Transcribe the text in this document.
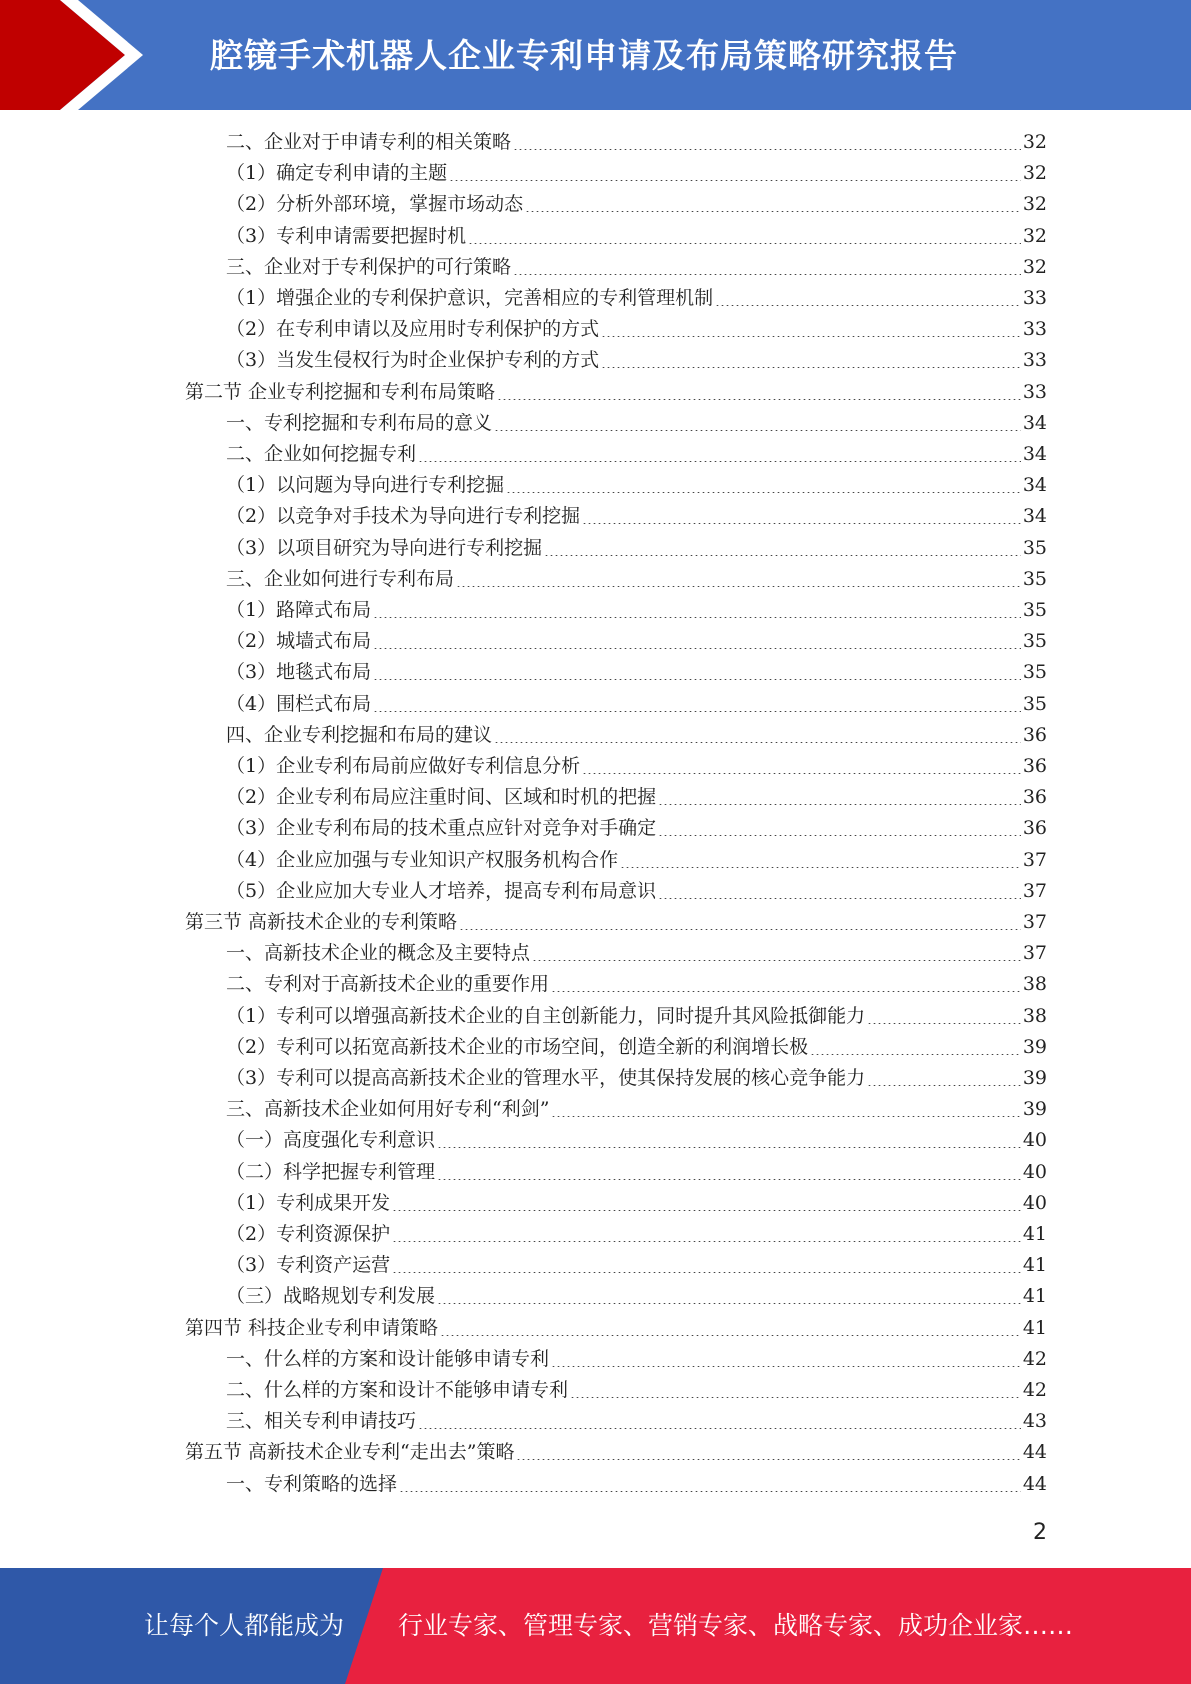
腔镜手术机器人企业专利申请及布局策略研究报告
二、企业对于申请专利的相关策略	32
（1）确定专利申请的主题	32
（2）分析外部环境，掌握市场动态	32
（3）专利申请需要把握时机	32
三、企业对于专利保护的可行策略	32
（1）增强企业的专利保护意识，完善相应的专利管理机制	33
（2）在专利申请以及应用时专利保护的方式	33
（3）当发生侵权行为时企业保护专利的方式	33
第二节 企业专利挖掘和专利布局策略	33
一、专利挖掘和专利布局的意义	34
二、企业如何挖掘专利	34
（1）以问题为导向进行专利挖掘	34
（2）以竞争对手技术为导向进行专利挖掘	34
（3）以项目研究为导向进行专利挖掘	35
三、企业如何进行专利布局	35
（1）路障式布局	35
（2）城墙式布局	35
（3）地毯式布局	35
（4）围栏式布局	35
四、企业专利挖掘和布局的建议	36
（1）企业专利布局前应做好专利信息分析	36
（2）企业专利布局应注重时间、区域和时机的把握	36
（3）企业专利布局的技术重点应针对竞争对手确定	36
（4）企业应加强与专业知识产权服务机构合作	37
（5）企业应加大专业人才培养，提高专利布局意识	37
第三节 高新技术企业的专利策略	37
一、高新技术企业的概念及主要特点	37
二、专利对于高新技术企业的重要作用	38
（1）专利可以增强高新技术企业的自主创新能力，同时提升其风险抵御能力	38
（2）专利可以拓宽高新技术企业的市场空间，创造全新的利润增长极	39
（3）专利可以提高高新技术企业的管理水平，使其保持发展的核心竞争能力	39
三、高新技术企业如何用好专利“利剑”	39
（一）高度强化专利意识	40
（二）科学把握专利管理	40
（1）专利成果开发	40
（2）专利资源保护	41
（3）专利资产运营	41
（三）战略规划专利发展	41
第四节 科技企业专利申请策略	41
一、什么样的方案和设计能够申请专利	42
二、什么样的方案和设计不能够申请专利	42
三、相关专利申请技巧	43
第五节 高新技术企业专利“走出去”策略	44
一、专利策略的选择	44
2
让每个人都能成为 行业专家、管理专家、营销专家、战略专家、成功企业家……
